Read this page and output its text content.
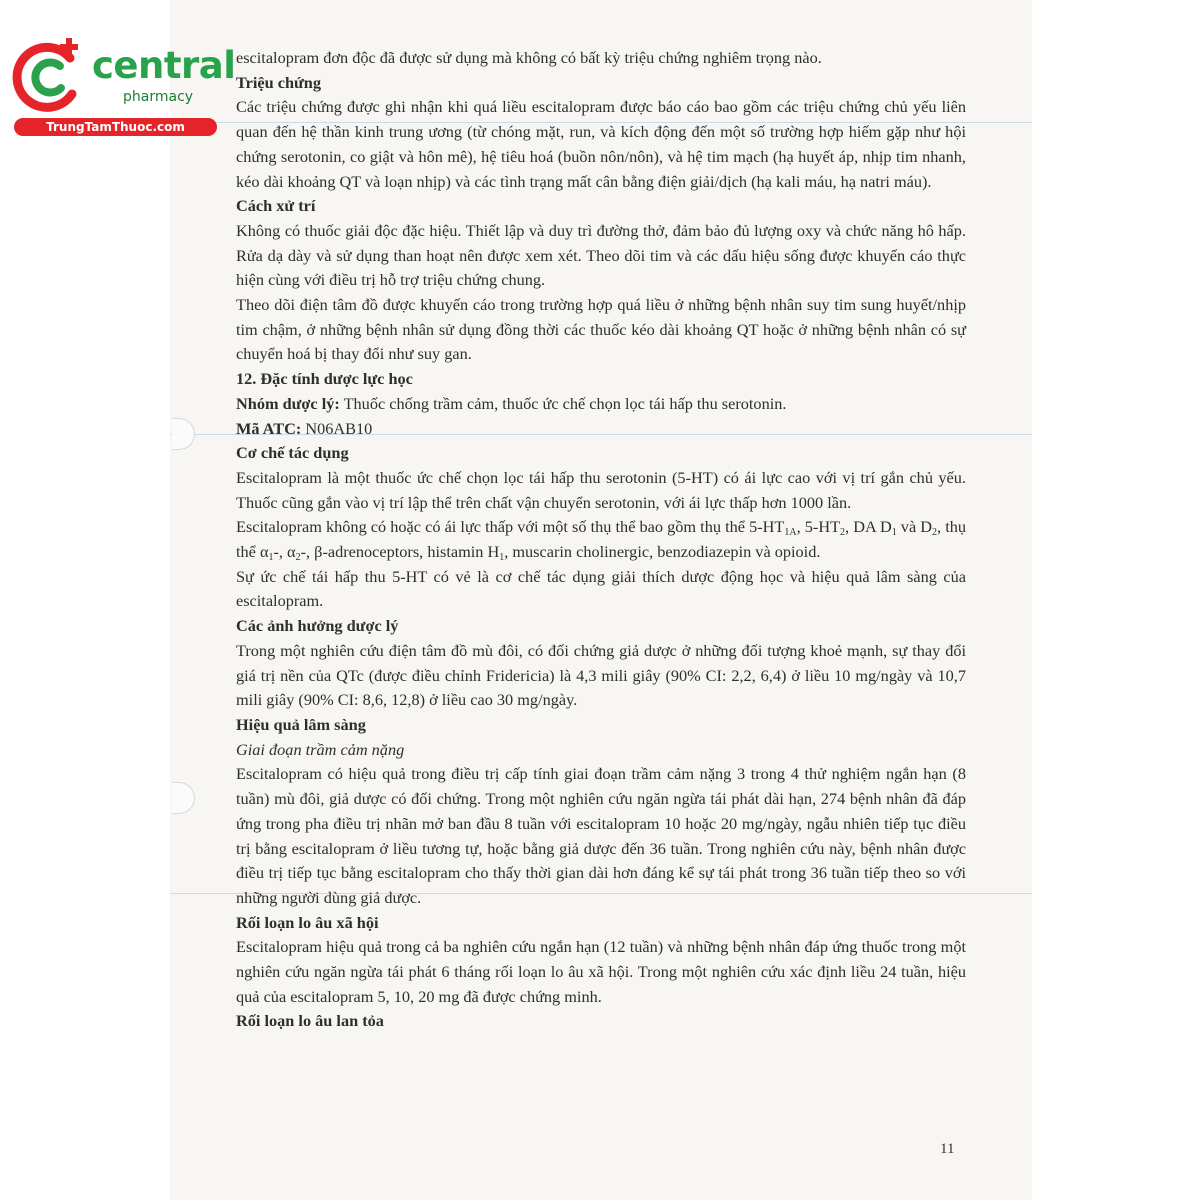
central
pharmacy
TrungTamThuoc.com

escitalopram đơn độc đã được sử dụng mà không có bất kỳ triệu chứng nghiêm trọng nào.

Triệu chứng

Các triệu chứng được ghi nhận khi quá liều escitalopram được báo cáo bao gồm các triệu chứng chủ yếu liên quan đến hệ thần kinh trung ương (từ chóng mặt, run, và kích động đến một số trường hợp hiếm gặp như hội chứng serotonin, co giật và hôn mê), hệ tiêu hoá (buồn nôn/nôn), và hệ tim mạch (hạ huyết áp, nhịp tim nhanh, kéo dài khoảng QT và loạn nhịp) và các tình trạng mất cân bằng điện giải/dịch (hạ kali máu, hạ natri máu).

Cách xử trí

Không có thuốc giải độc đặc hiệu. Thiết lập và duy trì đường thở, đảm bảo đủ lượng oxy và chức năng hô hấp. Rửa dạ dày và sử dụng than hoạt nên được xem xét. Theo dõi tim và các dấu hiệu sống được khuyến cáo thực hiện cùng với điều trị hỗ trợ triệu chứng chung.

Theo dõi điện tâm đồ được khuyến cáo trong trường hợp quá liều ở những bệnh nhân suy tim sung huyết/nhịp tim chậm, ở những bệnh nhân sử dụng đồng thời các thuốc kéo dài khoảng QT hoặc ở những bệnh nhân có sự chuyển hoá bị thay đổi như suy gan.

12. Đặc tính dược lực học

Nhóm dược lý: Thuốc chống trầm cảm, thuốc ức chế chọn lọc tái hấp thu serotonin.

Mã ATC: N06AB10

Cơ chế tác dụng

Escitalopram là một thuốc ức chế chọn lọc tái hấp thu serotonin (5-HT) có ái lực cao với vị trí gắn chủ yếu. Thuốc cũng gắn vào vị trí lập thể trên chất vận chuyển serotonin, với ái lực thấp hơn 1000 lần.

Escitalopram không có hoặc có ái lực thấp với một số thụ thể bao gồm thụ thể $5-HT_{1A}$, $5-HT_2$, DA $D_1$ và $D_2$, thụ thể $\alpha_1-$, $\alpha_2-$, β-adrenoceptors, histamin $H_1$, muscarin cholinergic, benzodiazepin và opioid.

Sự ức chế tái hấp thu 5-HT có vẻ là cơ chế tác dụng giải thích dược động học và hiệu quả lâm sàng của escitalopram.

Các ảnh hưởng dược lý

Trong một nghiên cứu điện tâm đồ mù đôi, có đối chứng giả dược ở những đối tượng khoẻ mạnh, sự thay đổi giá trị nền của QTc (được điều chỉnh Fridericia) là 4,3 mili giây (90% CI: 2,2, 6,4) ở liều 10 mg/ngày và 10,7 mili giây (90% CI: 8,6, 12,8) ở liều cao 30 mg/ngày.

Hiệu quả lâm sàng

Giai đoạn trầm cảm nặng

Escitalopram có hiệu quả trong điều trị cấp tính giai đoạn trầm cảm nặng 3 trong 4 thử nghiệm ngắn hạn (8 tuần) mù đôi, giả dược có đối chứng. Trong một nghiên cứu ngăn ngừa tái phát dài hạn, 274 bệnh nhân đã đáp ứng trong pha điều trị nhãn mở ban đầu 8 tuần với escitalopram 10 hoặc 20 mg/ngày, ngẫu nhiên tiếp tục điều trị bằng escitalopram ở liều tương tự, hoặc bằng giả dược đến 36 tuần. Trong nghiên cứu này, bệnh nhân được điều trị tiếp tục bằng escitalopram cho thấy thời gian dài hơn đáng kể sự tái phát trong 36 tuần tiếp theo so với những người dùng giả dược.

Rối loạn lo âu xã hội

Escitalopram hiệu quả trong cả ba nghiên cứu ngắn hạn (12 tuần) và những bệnh nhân đáp ứng thuốc trong một nghiên cứu ngăn ngừa tái phát 6 tháng rối loạn lo âu xã hội. Trong một nghiên cứu xác định liều 24 tuần, hiệu quả của escitalopram 5, 10, 20 mg đã được chứng minh.

Rối loạn lo âu lan tỏa

11
